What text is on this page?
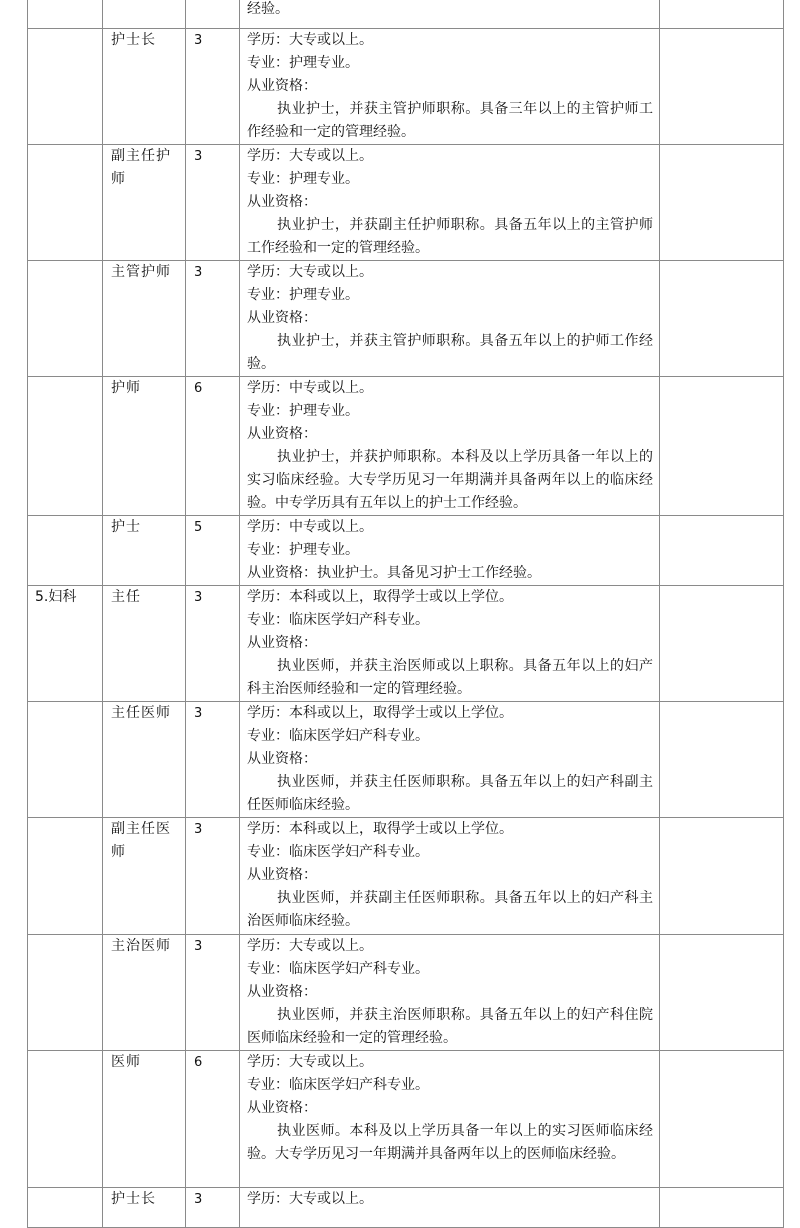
			经验。	

	护士长	3	学历：大专或以上。
专业：护理专业。
从业资格：
执业护士，并获主管护师职称。具备三年以上的主管护师工作经验和一定的管理经验。	

	副主任护师	3	学历：大专或以上。
专业：护理专业。
从业资格：
执业护士，并获副主任护师职称。具备五年以上的主管护师工作经验和一定的管理经验。	

	主管护师	3	学历：大专或以上。
专业：护理专业。
从业资格：
执业护士，并获主管护师职称。具备五年以上的护师工作经验。	

	护师	6	学历：中专或以上。
专业：护理专业。
从业资格：
执业护士，并获护师职称。本科及以上学历具备一年以上的实习临床经验。大专学历见习一年期满并具备两年以上的临床经验。中专学历具有五年以上的护士工作经验。	

	护士	5	学历：中专或以上。
专业：护理专业。
从业资格：执业护士。具备见习护士工作经验。	

5.妇科	主任	3	学历：本科或以上，取得学士或以上学位。
专业：临床医学妇产科专业。
从业资格：
执业医师，并获主治医师或以上职称。具备五年以上的妇产科主治医师经验和一定的管理经验。	

	主任医师	3	学历：本科或以上，取得学士或以上学位。
专业：临床医学妇产科专业。
从业资格：
执业医师，并获主任医师职称。具备五年以上的妇产科副主任医师临床经验。	

	副主任医师	3	学历：本科或以上，取得学士或以上学位。
专业：临床医学妇产科专业。
从业资格：
执业医师，并获副主任医师职称。具备五年以上的妇产科主治医师临床经验。	

	主治医师	3	学历：大专或以上。
专业：临床医学妇产科专业。
从业资格：
执业医师，并获主治医师职称。具备五年以上的妇产科住院医师临床经验和一定的管理经验。	

	医师	6	学历：大专或以上。
专业：临床医学妇产科专业。
从业资格：
执业医师。本科及以上学历具备一年以上的实习医师临床经验。大专学历见习一年期满并具备两年以上的医师临床经验。	

	护士长	3	学历：大专或以上。	
